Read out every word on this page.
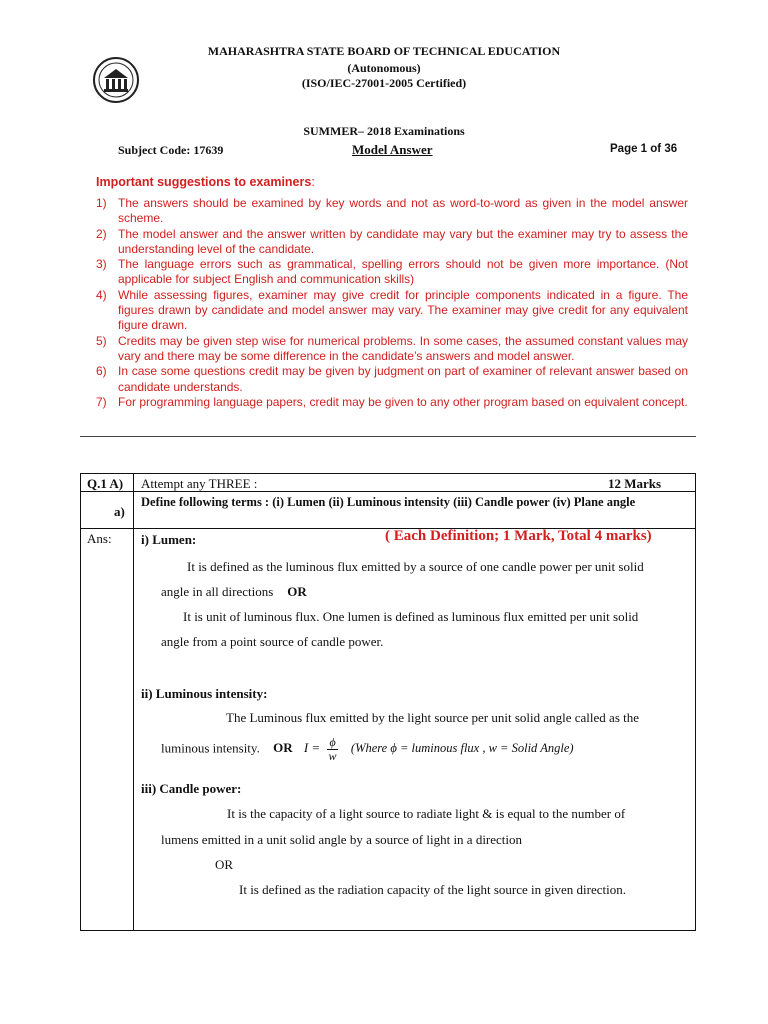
MAHARASHTRA STATE BOARD OF TECHNICAL EDUCATION
(Autonomous)
(ISO/IEC-27001-2005 Certified)
SUMMER– 2018 Examinations
Subject Code: 17639	Model Answer	Page 1 of 36
Important suggestions to examiners:
1) The answers should be examined by key words and not as word-to-word as given in the model answer scheme.
2) The model answer and the answer written by candidate may vary but the examiner may try to assess the understanding level of the candidate.
3) The language errors such as grammatical, spelling errors should not be given more importance. (Not applicable for subject English and communication skills)
4) While assessing figures, examiner may give credit for principle components indicated in a figure. The figures drawn by candidate and model answer may vary. The examiner may give credit for any equivalent figure drawn.
5) Credits may be given step wise for numerical problems. In some cases, the assumed constant values may vary and there may be some difference in the candidate’s answers and model answer.
6) In case some questions credit may be given by judgment on part of examiner of relevant answer based on candidate understands.
7) For programming language papers, credit may be given to any other program based on equivalent concept.
Q.1 A) Attempt any THREE :	12 Marks
a)
Define following terms : (i) Lumen (ii) Luminous intensity (iii) Candle power (iv) Plane angle
Ans: i) Lumen:	( Each Definition; 1 Mark, Total 4 marks)
It is defined as the luminous flux emitted by a source of one candle power per unit solid
angle in all directions OR
It is unit of luminous flux. One lumen is defined as luminous flux emitted per unit solid
angle from a point source of candle power.
ii) Luminous intensity:
The Luminous flux emitted by the light source per unit solid angle called as the
luminous intensity. OR $I = \frac{\phi}{w}$ (Where ϕ = luminous flux , w = Solid Angle)
iii) Candle power:
It is the capacity of a light source to radiate light & is equal to the number of
lumens emitted in a unit solid angle by a source of light in a direction
OR
It is defined as the radiation capacity of the light source in given direction.
